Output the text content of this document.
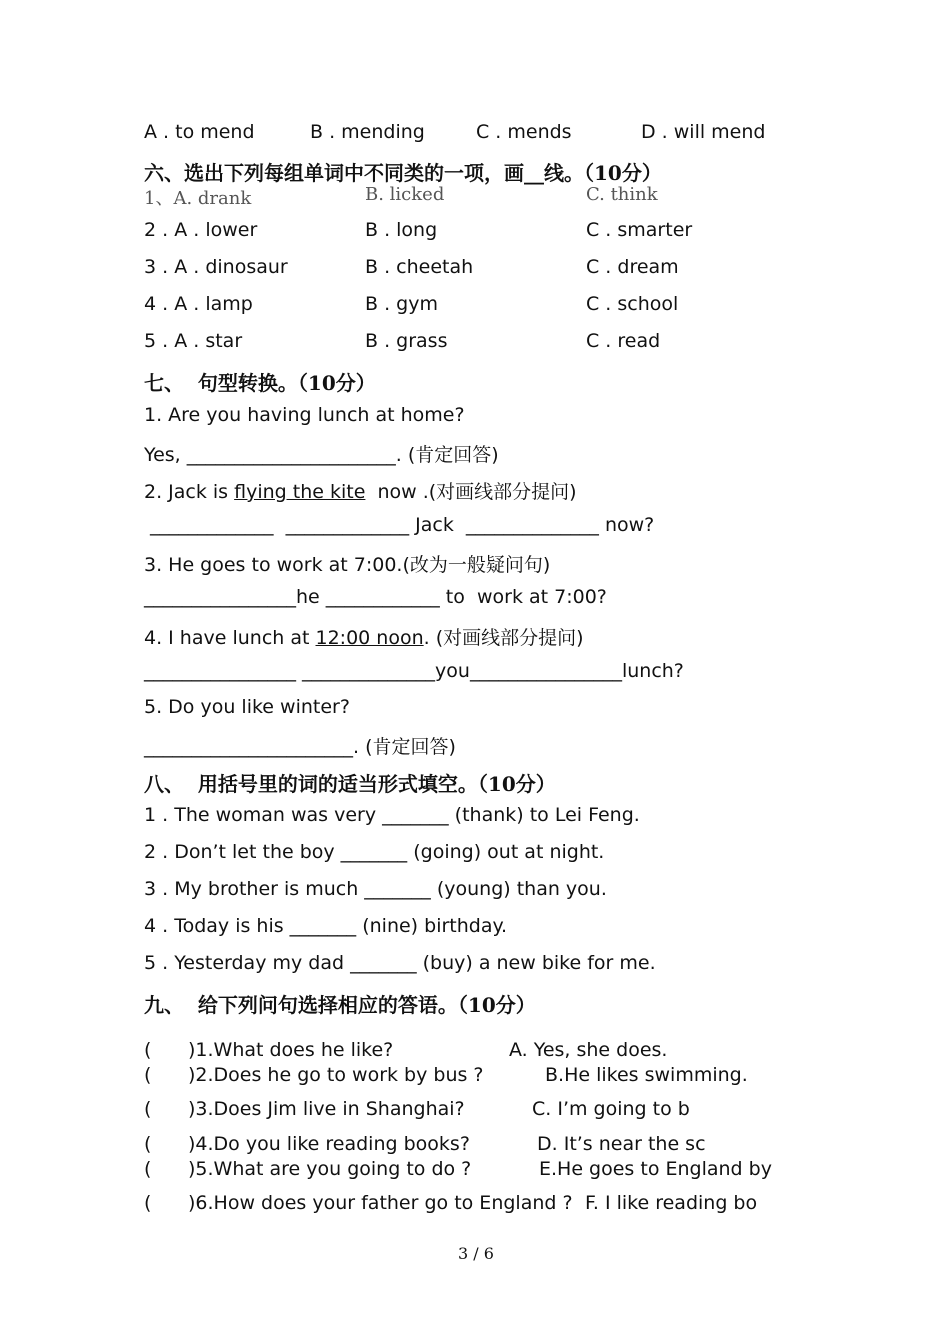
A . to mend	B . mending	C . mends	D . will mend
六、选出下列每组单词中不同类的一项，画__线。（10分）
1、A. drank	B. licked	C. think
2 . A . lower	B . long	C . smarter
3 . A . dinosaur	B . cheetah	C . dream
4 . A . lamp	B . gym	C . school
5 . A . star	B . grass	C . read
七、  句型转换。（10分）
1. Are you having lunch at home?
Yes, ______________________. (肯定回答)
2. Jack is flying the kite  now .(对画线部分提问)
_____________  _____________ Jack  ______________ now?
3. He goes to work at 7:00.(改为一般疑问句)
________________he ____________ to  work at 7:00?
4. I have lunch at 12:00 noon. (对画线部分提问)
________________ ______________you________________lunch?
5. Do you like winter?
______________________. (肯定回答)
八、  用括号里的词的适当形式填空。（10分）
1 . The woman was very _______ (thank) to Lei Feng.
2 . Don’t let the boy _______ (going) out at night.
3 . My brother is much _______ (young) than you.
4 . Today is his _______ (nine) birthday.
5 . Yesterday my dad _______ (buy) a new bike for me.
九、  给下列问句选择相应的答语。（10分）
( )1.What does he like?	A. Yes, she does.
( )2.Does he go to work by bus ?	B.He likes swimming.
( )3.Does Jim live in Shanghai?	C. I’m going to b
( )4.Do you like reading books?	D. It’s near the sc
( )5.What are you going to do ?	E.He goes to England by
( )6.How does your father go to England ? F. I like reading bo
3 / 6
